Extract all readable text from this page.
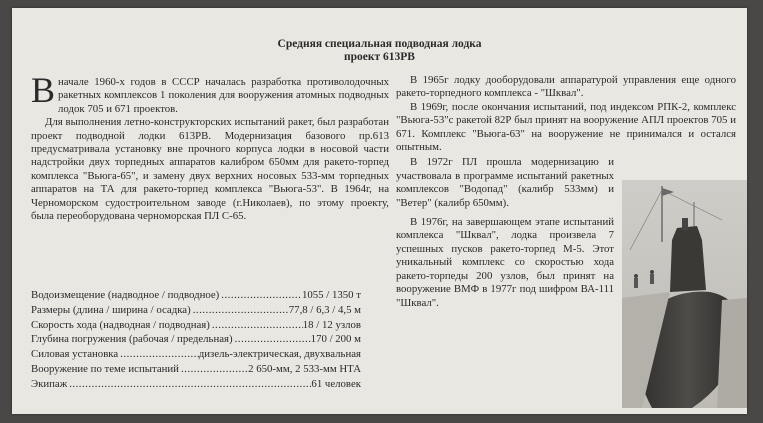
Средняя специальная подводная лодка
проект 613РВ

Вначале 1960-х годов в СССР началась разработка противолодочных ракетных комплексов 1 поколения для вооружения атомных подводных лодок 705 и 671 проектов.

Для выполнения летно-конструкторских испытаний ракет, был разработан проект подводной лодки 613РВ. Модернизация базового пр.613 предусматривала установку вне прочного корпуса лодки в носовой части надстройки двух торпедных аппаратов калибром 650мм для ракето-торпед комплекса "Вьюга-65", и замену двух верхних носовых 533-мм торпедных аппаратов на ТА для ракето-торпед комплекса "Вьюга-53". В 1964г, на Черноморском судостроительном заводе (г.Николаев), по этому проекту, была переоборудована черноморская ПЛ С-65.

В 1965г лодку дооборудовали аппаратурой управления еще одного ракето-торпедного комплекса - "Шквал".

В 1969г, после окончания испытаний, под индексом РПК-2, комплекс "Вьюга-53"с ракетой 82Р был принят на вооружение АПЛ проектов 705 и 671. Комплекс "Вьюга-63" на вооружение не принимался и остался опытным.

В 1972г ПЛ прошла модернизацию и участвовала в программе испытаний ракетных комплексов "Водопад" (калибр 533мм) и "Ветер" (калибр 650мм).

В 1976г, на завершающем этапе испытаний комплекса "Шквал", лодка произвела 7 успешных пусков ракето-торпед М-5. Этот уникальный комплекс со скоростью хода ракето-торпеды 200 узлов, был принят на вооружение ВМФ в 1977г под шифром ВА-111 "Шквал".

Водоизмещение (надводное / подводное) .....	1055 / 1350 т
Размеры (длина / ширина / осадка) .....	77,8 / 6,3 / 4,5 м
Скорость хода (надводная / подводная) .....	18 / 12 узлов
Глубина погружения (рабочая / предельная) .....	170 / 200 м
Силовая установка .....	дизель-электрическая, двухвальная
Вооружение по теме испытаний .....	2 650-мм, 2 533-мм НТА
Экипаж .....	61 человек
